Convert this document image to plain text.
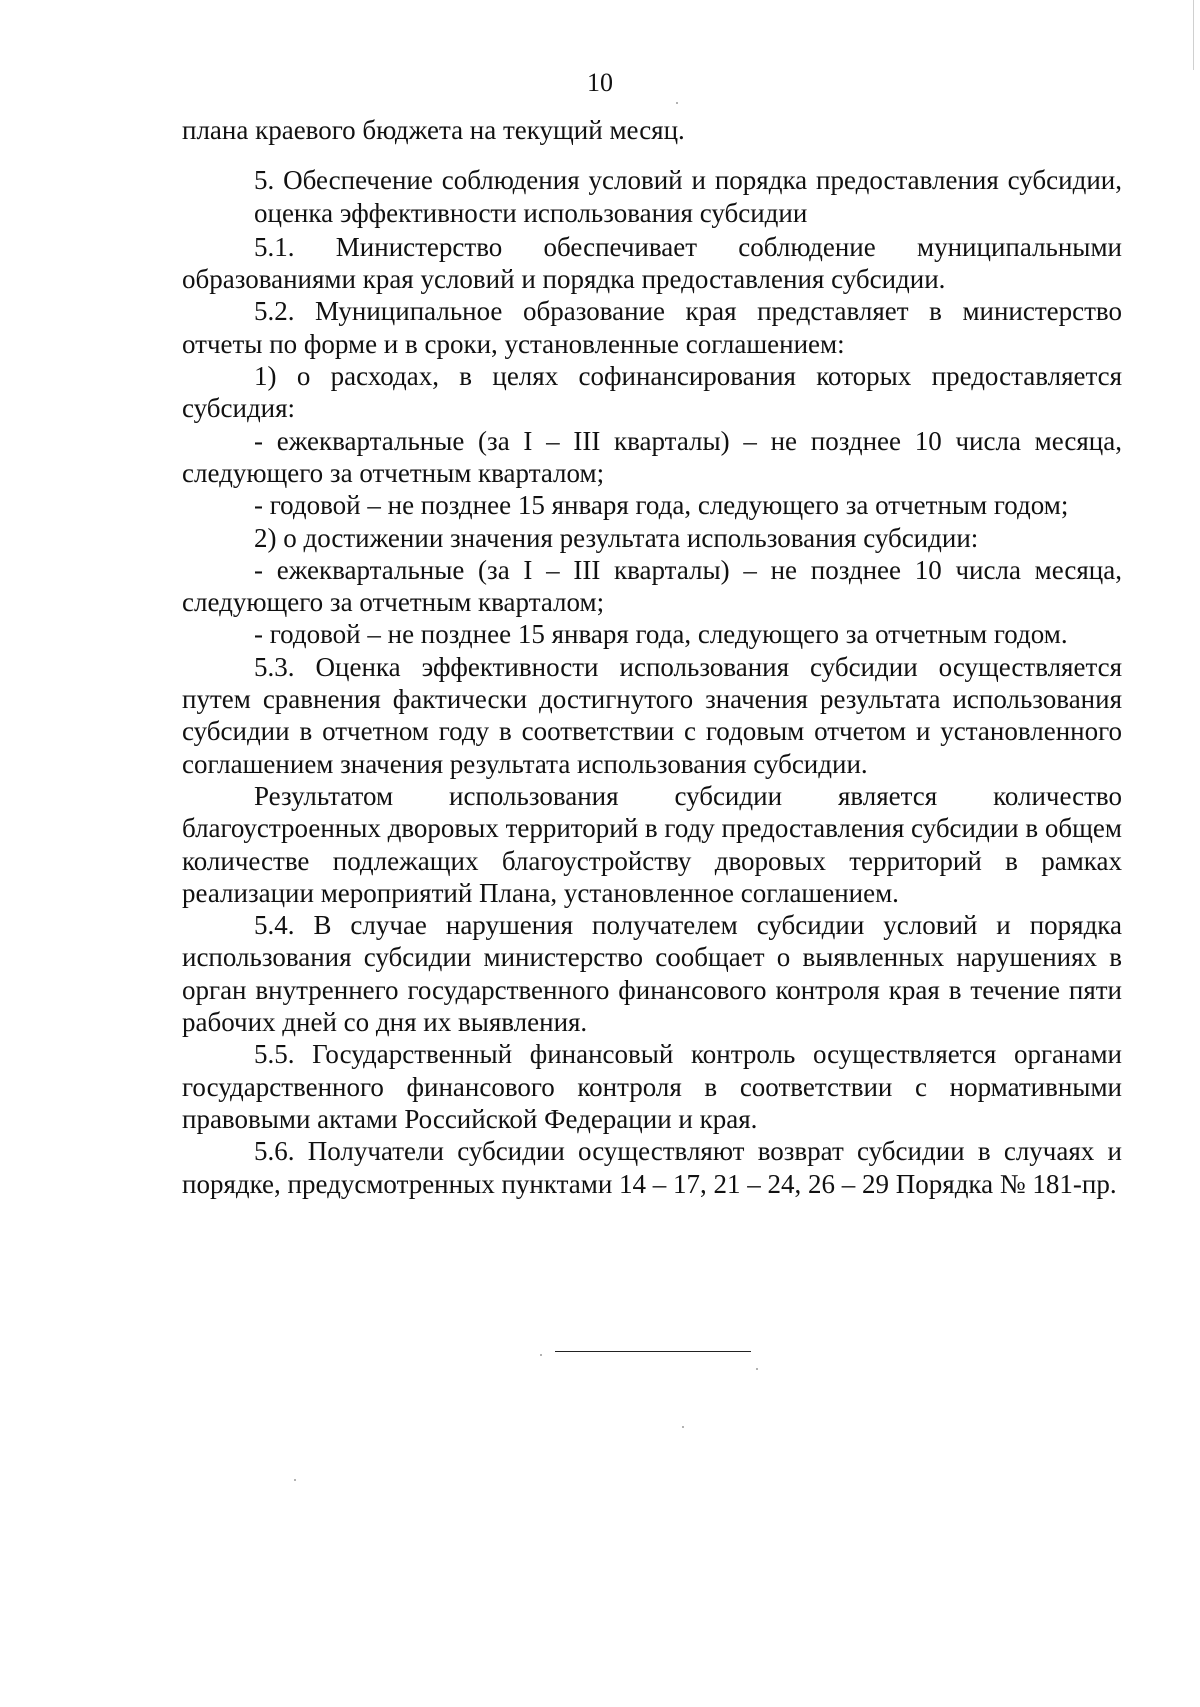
10

плана краевого бюджета на текущий месяц.

5. Обеспечение соблюдения условий и порядка предоставления субсидии, оценка эффективности использования субсидии

5.1. Министерство обеспечивает соблюдение муниципальными образованиями края условий и порядка предоставления субсидии.

5.2. Муниципальное образование края представляет в министерство отчеты по форме и в сроки, установленные соглашением:

1) о расходах, в целях софинансирования которых предоставляется субсидия:

- ежеквартальные (за I – III кварталы) – не позднее 10 числа месяца, следующего за отчетным кварталом;

- годовой – не позднее 15 января года, следующего за отчетным годом;

2) о достижении значения результата использования субсидии:

- ежеквартальные (за I – III кварталы) – не позднее 10 числа месяца, следующего за отчетным кварталом;

- годовой – не позднее 15 января года, следующего за отчетным годом.

5.3. Оценка эффективности использования субсидии осуществляется путем сравнения фактически достигнутого значения результата использования субсидии в отчетном году в соответствии с годовым отчетом и установленного соглашением значения результата использования субсидии.

Результатом использования субсидии является количество благоустроенных дворовых территорий в году предоставления субсидии в общем количестве подлежащих благоустройству дворовых территорий в рамках реализации мероприятий Плана, установленное соглашением.

5.4. В случае нарушения получателем субсидии условий и порядка использования субсидии министерство сообщает о выявленных нарушениях в орган внутреннего государственного финансового контроля края в течение пяти рабочих дней со дня их выявления.

5.5. Государственный финансовый контроль осуществляется органами государственного финансового контроля в соответствии с нормативными правовыми актами Российской Федерации и края.

5.6. Получатели субсидии осуществляют возврат субсидии в случаях и порядке, предусмотренных пунктами 14 – 17, 21 – 24, 26 – 29 Порядка № 181-пр.
